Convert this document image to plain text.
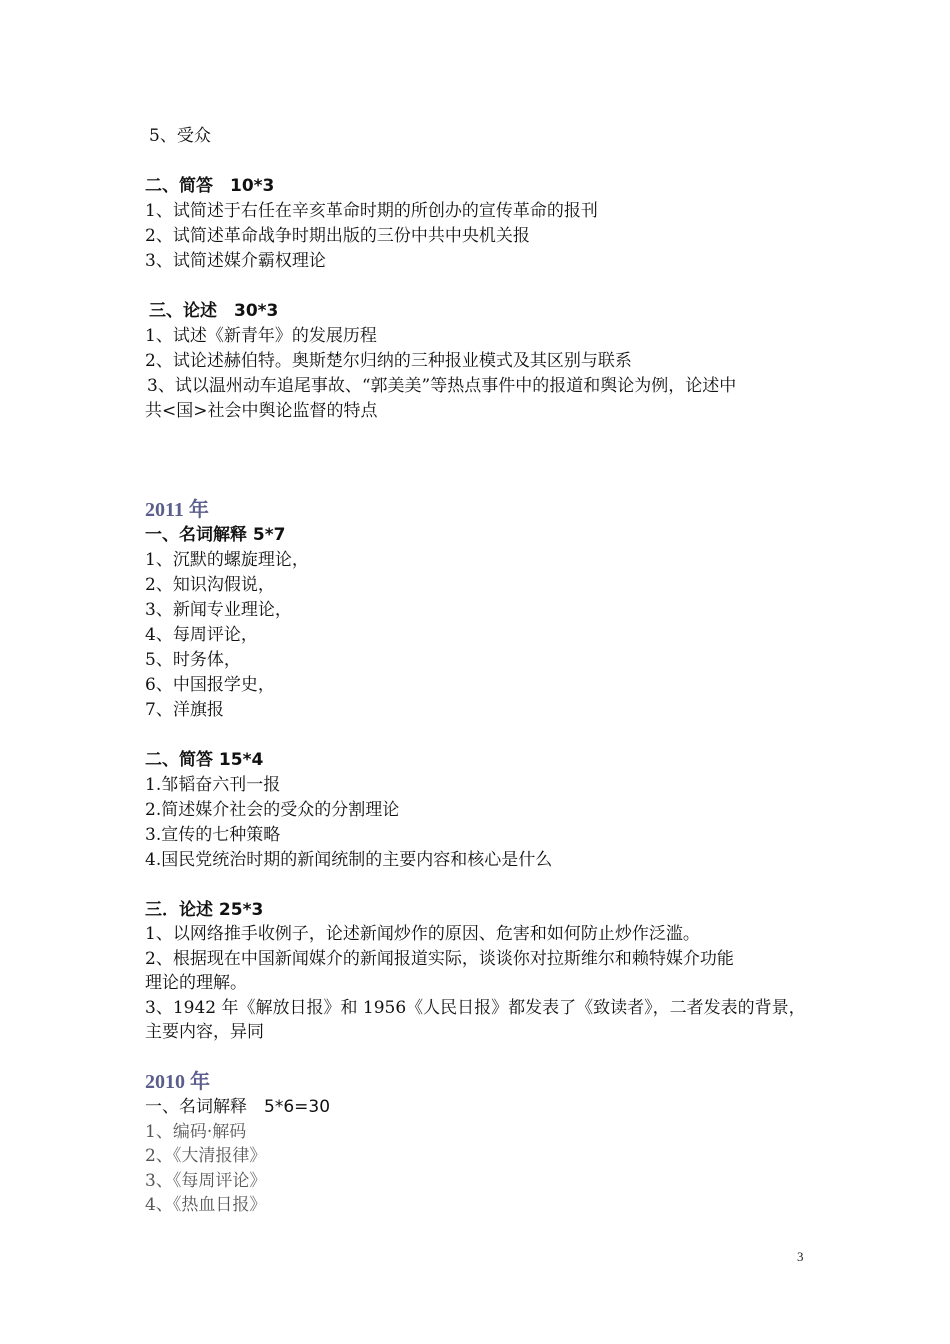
5、受众
二、简答　10*3
1、试简述于右任在辛亥革命时期的所创办的宣传革命的报刊
2、试简述革命战争时期出版的三份中共中央机关报
3、试简述媒介霸权理论
三、论述　30*3
1、试述《新青年》的发展历程
2、试论述赫伯特。奥斯楚尔归纳的三种报业模式及其区别与联系
3、试以温州动车追尾事故、“郭美美”等热点事件中的报道和舆论为例，论述中
共<国>社会中舆论监督的特点
2011 年
一、名词解释 5*7
1、沉默的螺旋理论，
2、知识沟假说，
3、新闻专业理论，
4、每周评论，
5、时务体，
6、中国报学史，
7、洋旗报
二、简答 15*4
1.邹韬奋六刊一报
2.简述媒介社会的受众的分割理论
3.宣传的七种策略
4.国民党统治时期的新闻统制的主要内容和核心是什么
三．论述 25*3
1、以网络推手收例子，论述新闻炒作的原因、危害和如何防止炒作泛滥。
2、根据现在中国新闻媒介的新闻报道实际，谈谈你对拉斯维尔和赖特媒介功能
理论的理解。
3、1942 年《解放日报》和 1956《人民日报》都发表了《致读者》，二者发表的背景，
主要内容，异同
2010 年
一、名词解释　5*6=30
1、编码·解码
2、《大清报律》
3、《每周评论》
4、《热血日报》
3
